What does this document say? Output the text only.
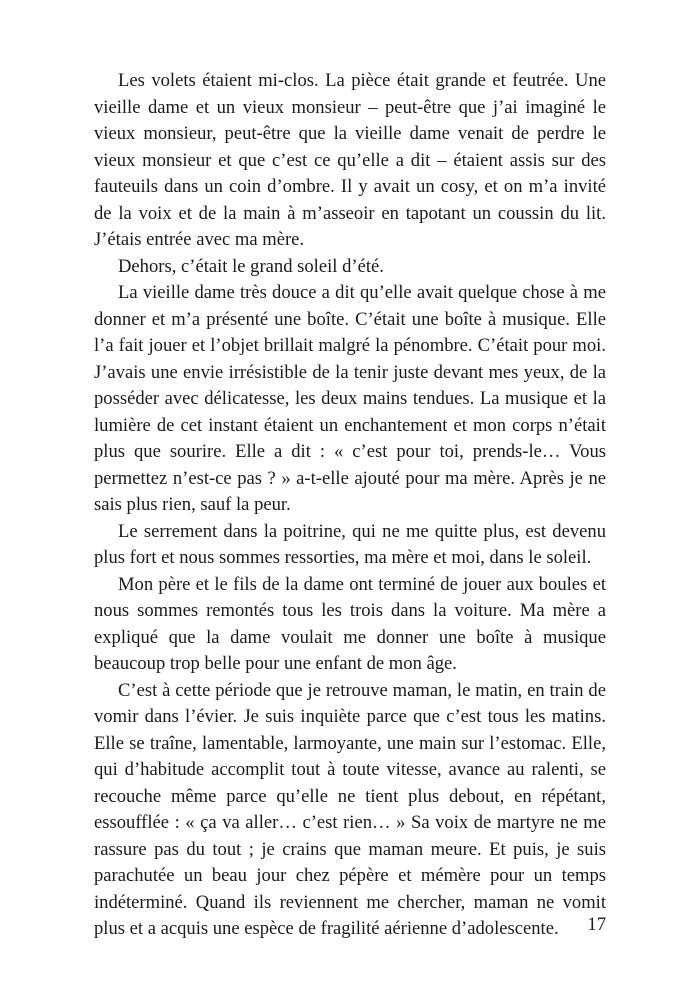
Les volets étaient mi-clos. La pièce était grande et feutrée. Une vieille dame et un vieux monsieur – peut-être que j’ai imaginé le vieux monsieur, peut-être que la vieille dame venait de perdre le vieux monsieur et que c’est ce qu’elle a dit – étaient assis sur des fauteuils dans un coin d’ombre. Il y avait un cosy, et on m’a invité de la voix et de la main à m’asseoir en tapotant un coussin du lit. J’étais entrée avec ma mère.

Dehors, c’était le grand soleil d’été.

La vieille dame très douce a dit qu’elle avait quelque chose à me donner et m’a présenté une boîte. C’était une boîte à musique. Elle l’a fait jouer et l’objet brillait malgré la pénombre. C’était pour moi. J’avais une envie irrésistible de la tenir juste devant mes yeux, de la posséder avec délicatesse, les deux mains tendues. La musique et la lumière de cet instant étaient un enchantement et mon corps n’était plus que sourire. Elle a dit : « c’est pour toi, prends-le… Vous permettez n’est-ce pas ? » a-t-elle ajouté pour ma mère. Après je ne sais plus rien, sauf la peur.

Le serrement dans la poitrine, qui ne me quitte plus, est devenu plus fort et nous sommes ressorties, ma mère et moi, dans le soleil.

Mon père et le fils de la dame ont terminé de jouer aux boules et nous sommes remontés tous les trois dans la voiture. Ma mère a expliqué que la dame voulait me donner une boîte à musique beaucoup trop belle pour une enfant de mon âge.

C’est à cette période que je retrouve maman, le matin, en train de vomir dans l’évier. Je suis inquiète parce que c’est tous les matins. Elle se traîne, lamentable, larmoyante, une main sur l’estomac. Elle, qui d’habitude accomplit tout à toute vitesse, avance au ralenti, se recouche même parce qu’elle ne tient plus debout, en répétant, essoufflée : « ça va aller… c’est rien… » Sa voix de martyre ne me rassure pas du tout ; je crains que maman meure. Et puis, je suis parachutée un beau jour chez pépère et mémère pour un temps indéterminé. Quand ils reviennent me chercher, maman ne vomit plus et a acquis une espèce de fragilité aérienne d’adolescente.	17
